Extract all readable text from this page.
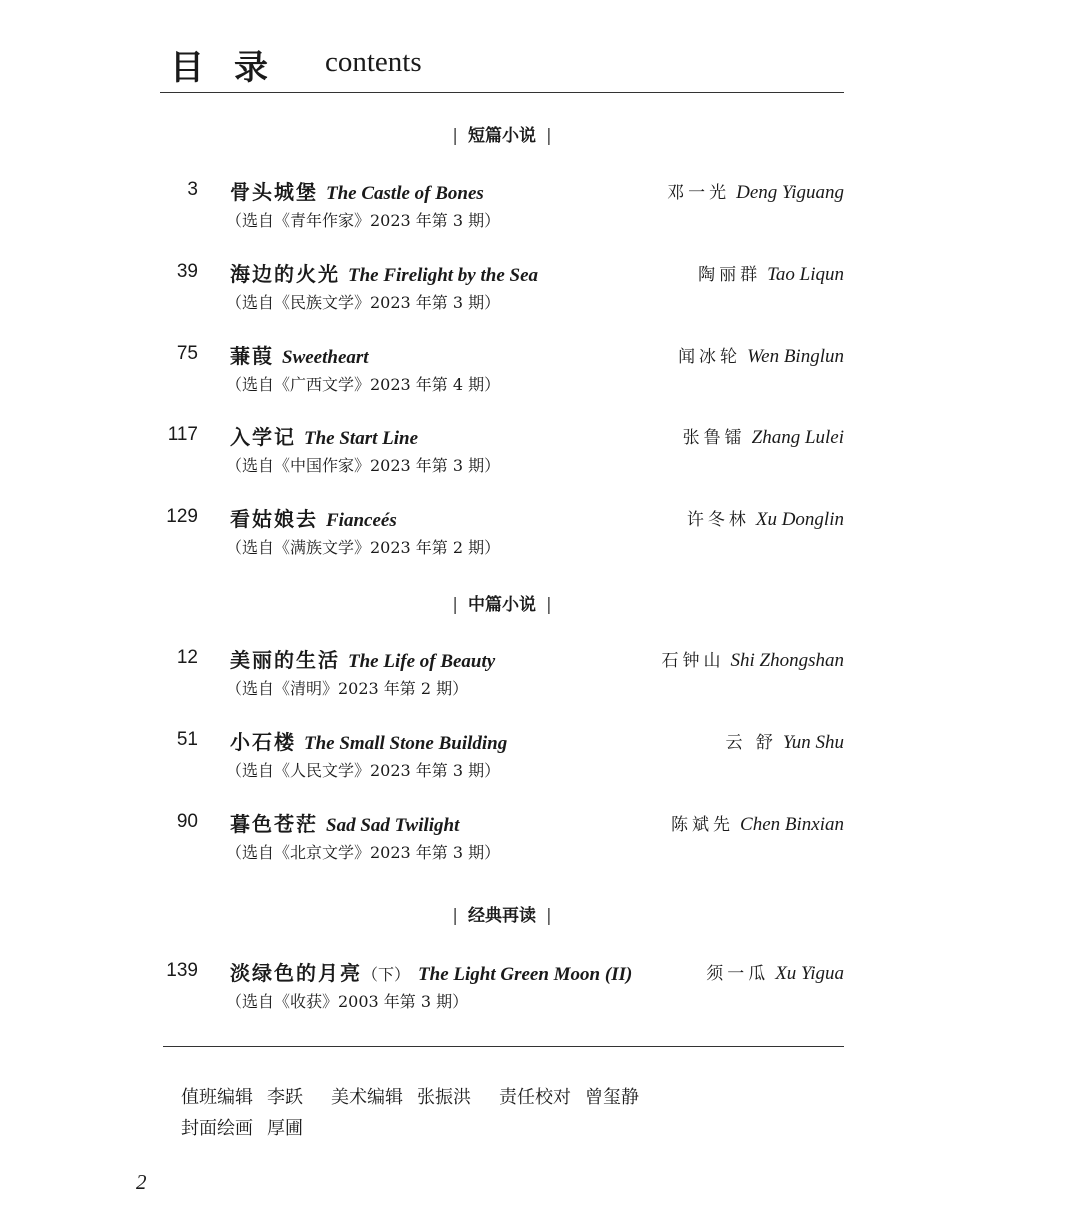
目录 contents
| 短篇小说 |
3 骨头城堡 The Castle of Bones	邓一光 Deng Yiguang
（选自《青年作家》2023 年第 3 期）
39 海边的火光 The Firelight by the Sea	陶丽群 Tao Liqun
（选自《民族文学》2023 年第 3 期）
75 蒹葭 Sweetheart	闻冰轮 Wen Binglun
（选自《广西文学》2023 年第 4 期）
117 入学记 The Start Line	张鲁镭 Zhang Lulei
（选自《中国作家》2023 年第 3 期）
129 看姑娘去 Fianceés	许冬林 Xu Donglin
（选自《满族文学》2023 年第 2 期）
| 中篇小说 |
12 美丽的生活 The Life of Beauty	石钟山 Shi Zhongshan
（选自《清明》2023 年第 2 期）
51 小石楼 The Small Stone Building	云 舒 Yun Shu
（选自《人民文学》2023 年第 3 期）
90 暮色苍茫 Sad Sad Twilight	陈斌先 Chen Binxian
（选自《北京文学》2023 年第 3 期）
| 经典再读 |
139 淡绿色的月亮（下） The Light Green Moon (II)	须一瓜 Xu Yigua
（选自《收获》2003 年第 3 期）
值班编辑 李跃 美术编辑 张振洪 责任校对 曾玺静
封面绘画 厚圃
2
